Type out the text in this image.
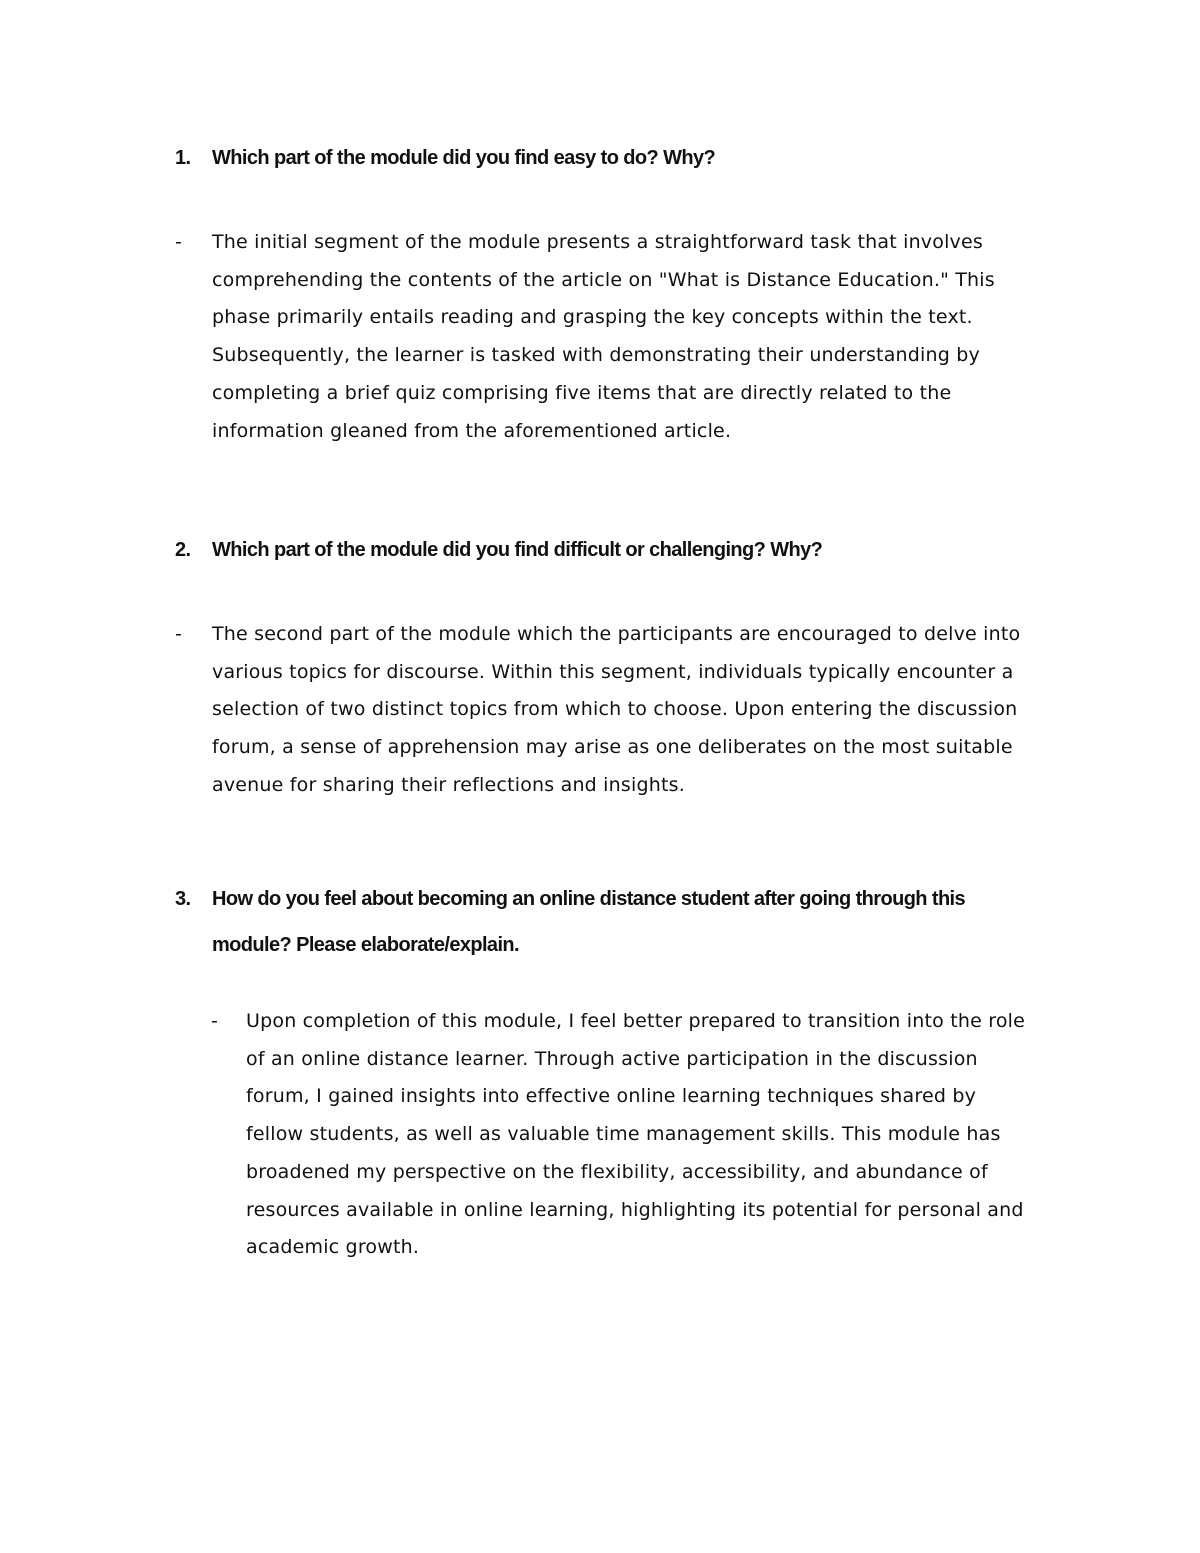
1. Which part of the module did you find easy to do? Why?
- The initial segment of the module presents a straightforward task that involves comprehending the contents of the article on "What is Distance Education." This phase primarily entails reading and grasping the key concepts within the text. Subsequently, the learner is tasked with demonstrating their understanding by completing a brief quiz comprising five items that are directly related to the information gleaned from the aforementioned article.
2. Which part of the module did you find difficult or challenging? Why?
- The second part of the module which the participants are encouraged to delve into various topics for discourse. Within this segment, individuals typically encounter a selection of two distinct topics from which to choose. Upon entering the discussion forum, a sense of apprehension may arise as one deliberates on the most suitable avenue for sharing their reflections and insights.
3. How do you feel about becoming an online distance student after going through this module? Please elaborate/explain.
- Upon completion of this module, I feel better prepared to transition into the role of an online distance learner. Through active participation in the discussion forum, I gained insights into effective online learning techniques shared by fellow students, as well as valuable time management skills. This module has broadened my perspective on the flexibility, accessibility, and abundance of resources available in online learning, highlighting its potential for personal and academic growth.
